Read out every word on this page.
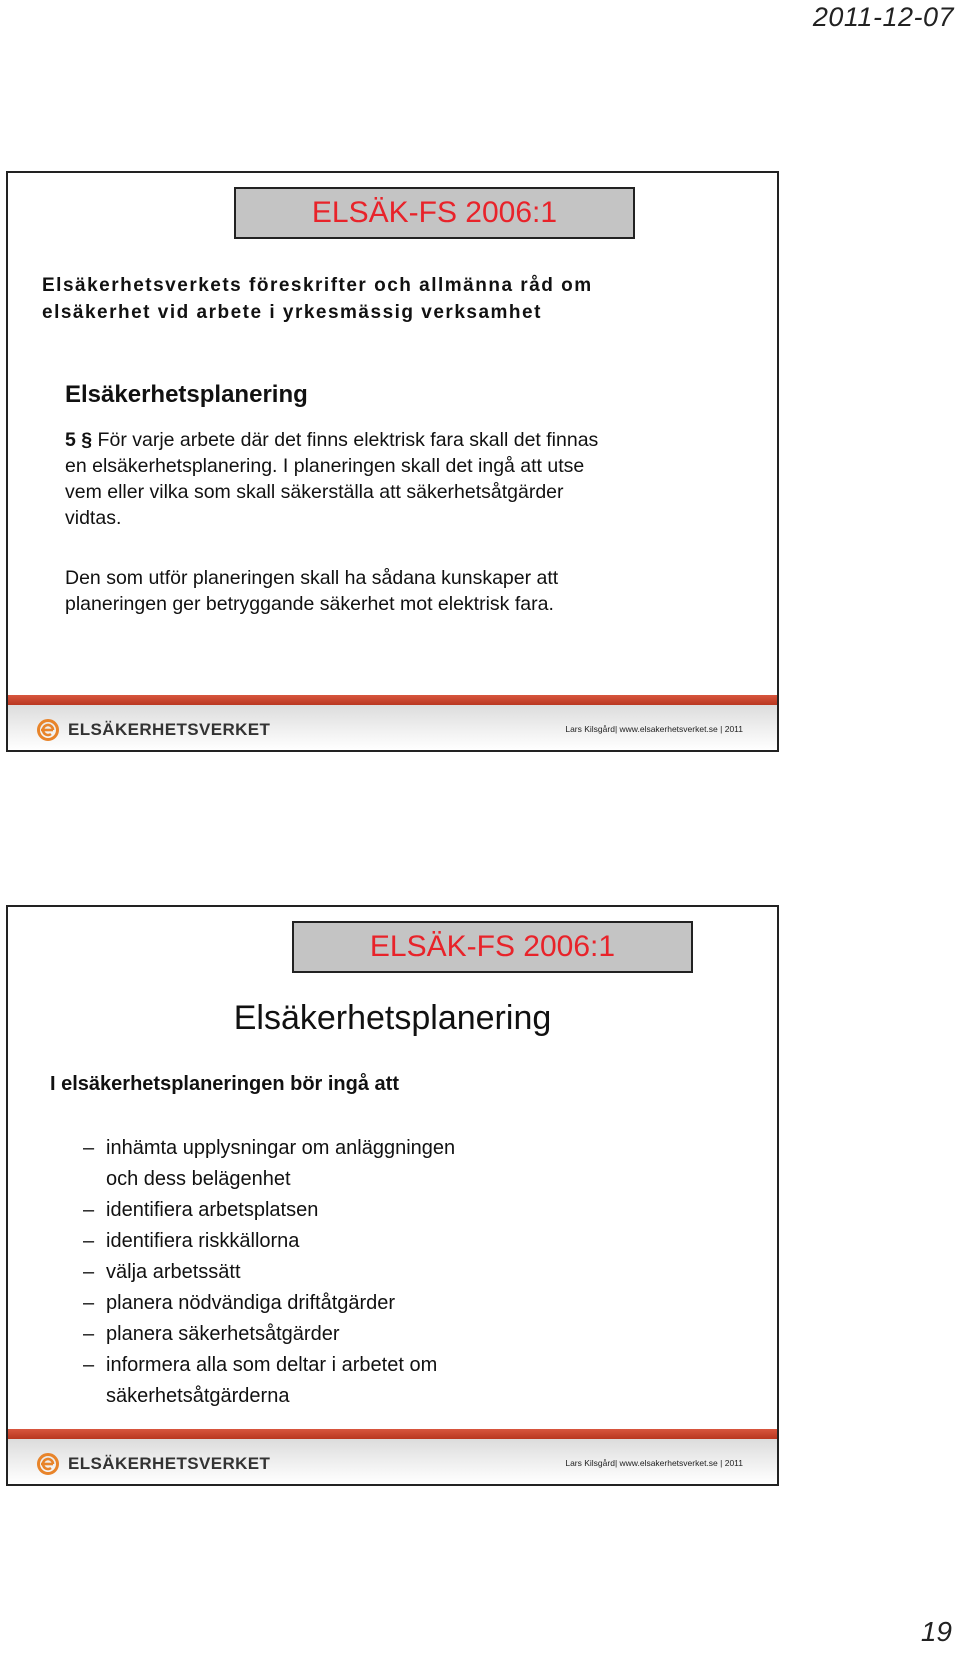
2011-12-07
ELSÄK-FS 2006:1
Elsäkerhetsverkets föreskrifter och allmänna råd om
elsäkerhet vid arbete i yrkesmässig verksamhet
Elsäkerhetsplanering
5 § För varje arbete där det finns elektrisk fara skall det finnas
en elsäkerhetsplanering. I planeringen skall det ingå att utse
vem eller vilka som skall säkerställa att säkerhetsåtgärder
vidtas.
Den som utför planeringen skall ha sådana kunskaper att
planeringen ger betryggande säkerhet mot elektrisk fara.
ELSÄKERHETSVERKET	Lars Kilsgård| www.elsakerhetsverket.se | 2011
ELSÄK-FS 2006:1
Elsäkerhetsplanering
I elsäkerhetsplaneringen bör ingå att
– inhämta upplysningar om anläggningen
och dess belägenhet
– identifiera arbetsplatsen
– identifiera riskkällorna
– välja arbetssätt
– planera nödvändiga driftåtgärder
– planera säkerhetsåtgärder
– informera alla som deltar i arbetet om
säkerhetsåtgärderna
ELSÄKERHETSVERKET	Lars Kilsgård| www.elsakerhetsverket.se | 2011
19
